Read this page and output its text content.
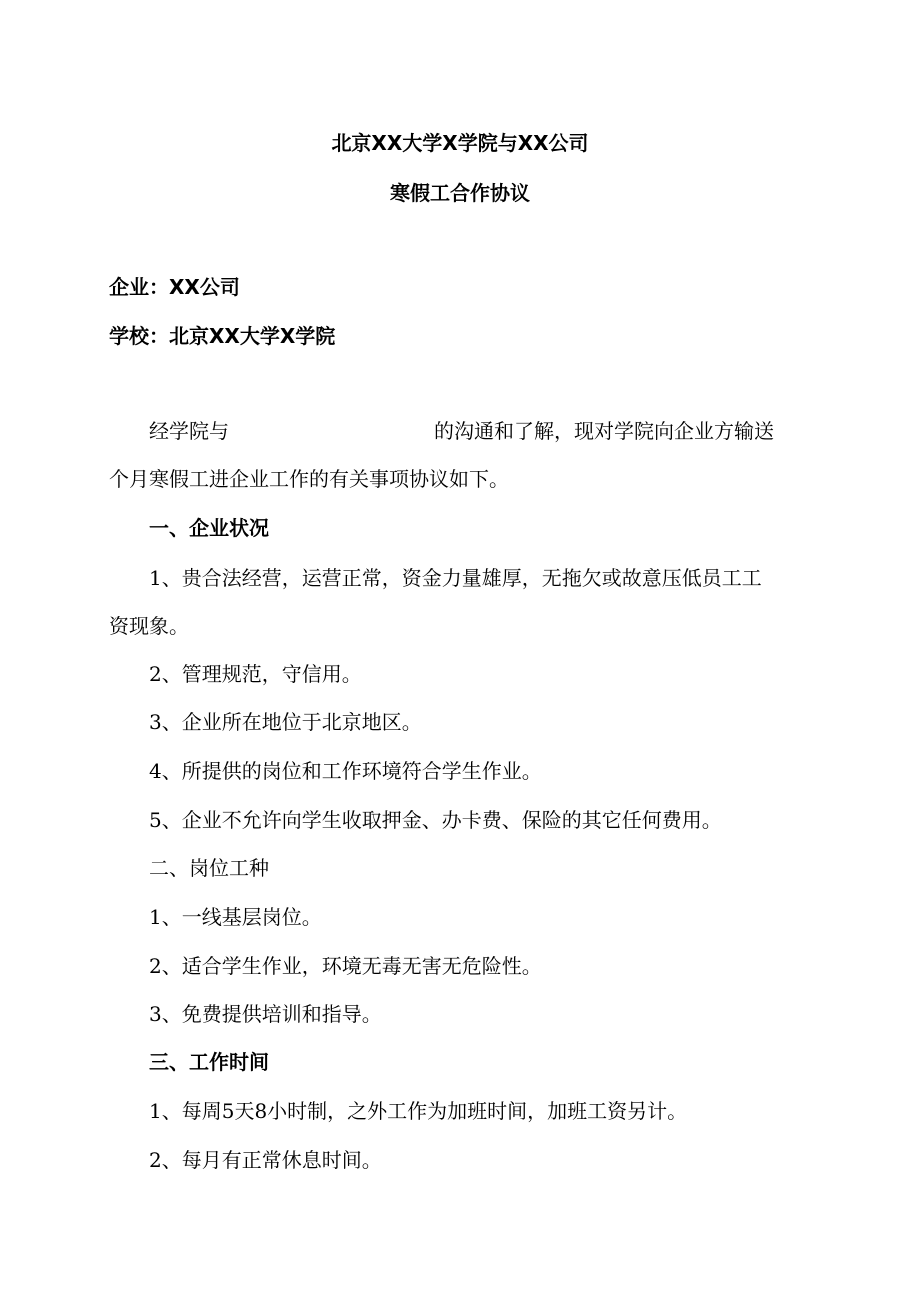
北京XX大学X学院与XX公司
寒假工合作协议
企业：XX公司
学校：北京XX大学X学院
经学院与	的沟通和了解，现对学院向企业方输送
个月寒假工进企业工作的有关事项协议如下。
一、企业状况
1、贵合法经营，运营正常，资金力量雄厚，无拖欠或故意压低员工工
资现象。
2、管理规范，守信用。
3、企业所在地位于北京地区。
4、所提供的岗位和工作环境符合学生作业。
5、企业不允许向学生收取押金、办卡费、保险的其它任何费用。
二、岗位工种
1、一线基层岗位。
2、适合学生作业，环境无毒无害无危险性。
3、免费提供培训和指导。
三、工作时间
1、每周5天8小时制，之外工作为加班时间，加班工资另计。
2、每月有正常休息时间。
